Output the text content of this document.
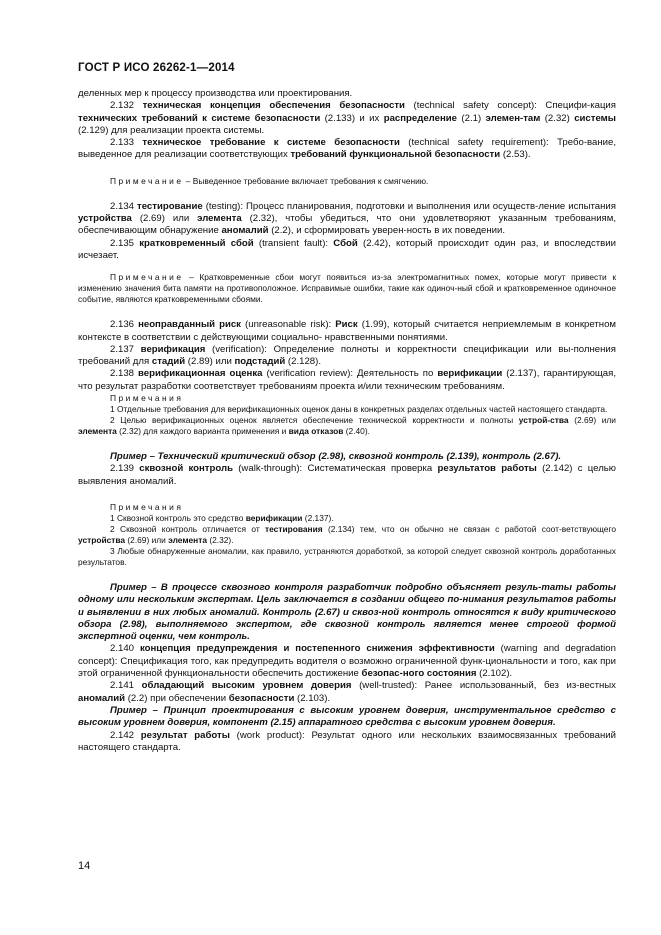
ГОСТ Р ИСО 26262-1—2014

деленных мер к процессу производства или проектирования.

2.132 техническая концепция обеспечения безопасности (technical safety concept): Специфи-кация технических требований к системе безопасности (2.133) и их распределение (2.1) элемен-там (2.32) системы (2.129) для реализации проекта системы.

2.133 техническое требование к системе безопасности (technical safety requirement): Требо-вание, выведенное для реализации соответствующих требований функциональной безопасности (2.53).

Примечание – Выведенное требование включает требования к смягчению.

2.134 тестирование (testing): Процесс планирования, подготовки и выполнения или осуществ-ление испытания устройства (2.69) или элемента (2.32), чтобы убедиться, что они удовлетворяют указанным требованиям, обеспечивающим обнаружение аномалий (2.2), и сформировать уверен-ность в их поведении.

2.135 кратковременный сбой (transient fault): Сбой (2.42), который происходит один раз, и впоследствии исчезает.

Примечание – Кратковременные сбои могут появиться из-за электромагнитных помех, которые могут привести к изменению значения бита памяти на противоположное. Исправимые ошибки, такие как одиноч-ный сбой и кратковременное одиночное событие, являются кратковременными сбоями.

2.136 неоправданный риск (unreasonable risk): Риск (1.99), который считается неприемлемым в конкретном контексте в соответствии с действующими социально- нравственными понятиями.

2.137 верификация (verification): Определение полноты и корректности спецификации или вы-полнения требований для стадий (2.89) или подстадий (2.128).

2.138 верификационная оценка (verification review): Деятельность по верификации (2.137), гарантирующая, что результат разработки соответствует требованиям проекта и/или техническим требованиям.

Примечания

1 Отдельные требования для верификационных оценок даны в конкретных разделах отдельных частей настоящего стандарта.

2 Целью верификационных оценок является обеспечение технической корректности и полноты устрой-ства (2.69) или элемента (2.32) для каждого варианта применения и вида отказов (2.40).

Пример – Технический критический обзор (2.98), сквозной контроль (2.139), контроль (2.67).

2.139 сквозной контроль (walk-through): Систематическая проверка результатов работы (2.142) с целью выявления аномалий.

Примечания

1 Сквозной контроль это средство верификации (2.137).

2 Сквозной контроль отличается от тестирования (2.134) тем, что он обычно не связан с работой соот-ветствующего устройства (2.69) или элемента (2.32).

3 Любые обнаруженные аномалии, как правило, устраняются доработкой, за которой следует сквозной контроль доработанных результатов.

Пример – В процессе сквозного контроля разработчик подробно объясняет резуль-таты работы одному или нескольким экспертам. Цель заключается в создании общего по-нимания результатов работы и выявлении в них любых аномалий. Контроль (2.67) и сквоз-ной контроль относятся к виду критического обзора (2.98), выполняемого экспертом, где сквозной контроль является менее строгой формой экспертной оценки, чем контроль.

2.140 концепция предупреждения и постепенного снижения эффективности (warning and degradation concept): Спецификация того, как предупредить водителя о возможно ограниченной функ-циональности и того, как при этой ограниченной функциональности обеспечить достижение безопас-ного состояния (2.102).

2.141 обладающий высоким уровнем доверия (well-trusted): Ранее использованный, без из-вестных аномалий (2.2) при обеспечении безопасности (2.103).

Пример – Принцип проектирования с высоким уровнем доверия, инструментальное средство с высоким уровнем доверия, компонент (2.15) аппаратного средства с высоким уровнем доверия.

2.142 результат работы (work product): Результат одного или нескольких взаимосвязанных требований настоящего стандарта.

14
